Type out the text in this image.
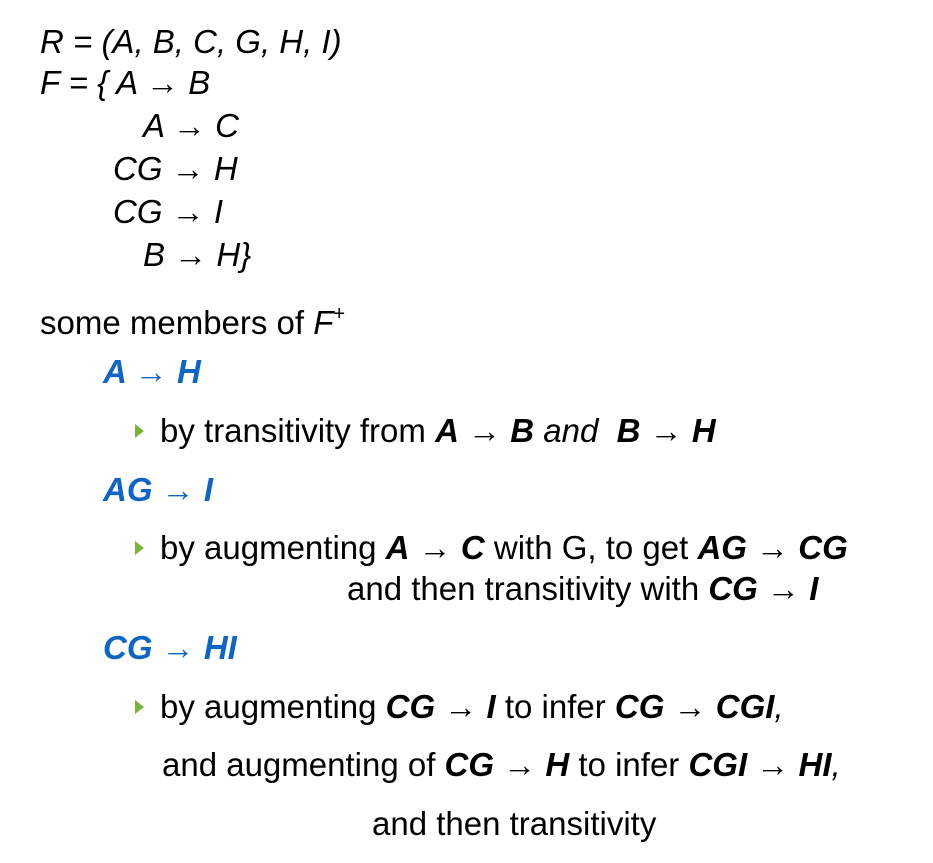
R = (A, B, C, G, H, I)
F = { A → B
A → C
CG → H
CG → I
B → H}
some members of F+
A → H
by transitivity from A → B and  B → H
AG → I
by augmenting A → C with G, to get AG → CG
and then transitivity with CG → I
CG → HI
by augmenting CG → I to infer CG → CGI,
and augmenting of CG → H to infer CGI → HI,
and then transitivity
